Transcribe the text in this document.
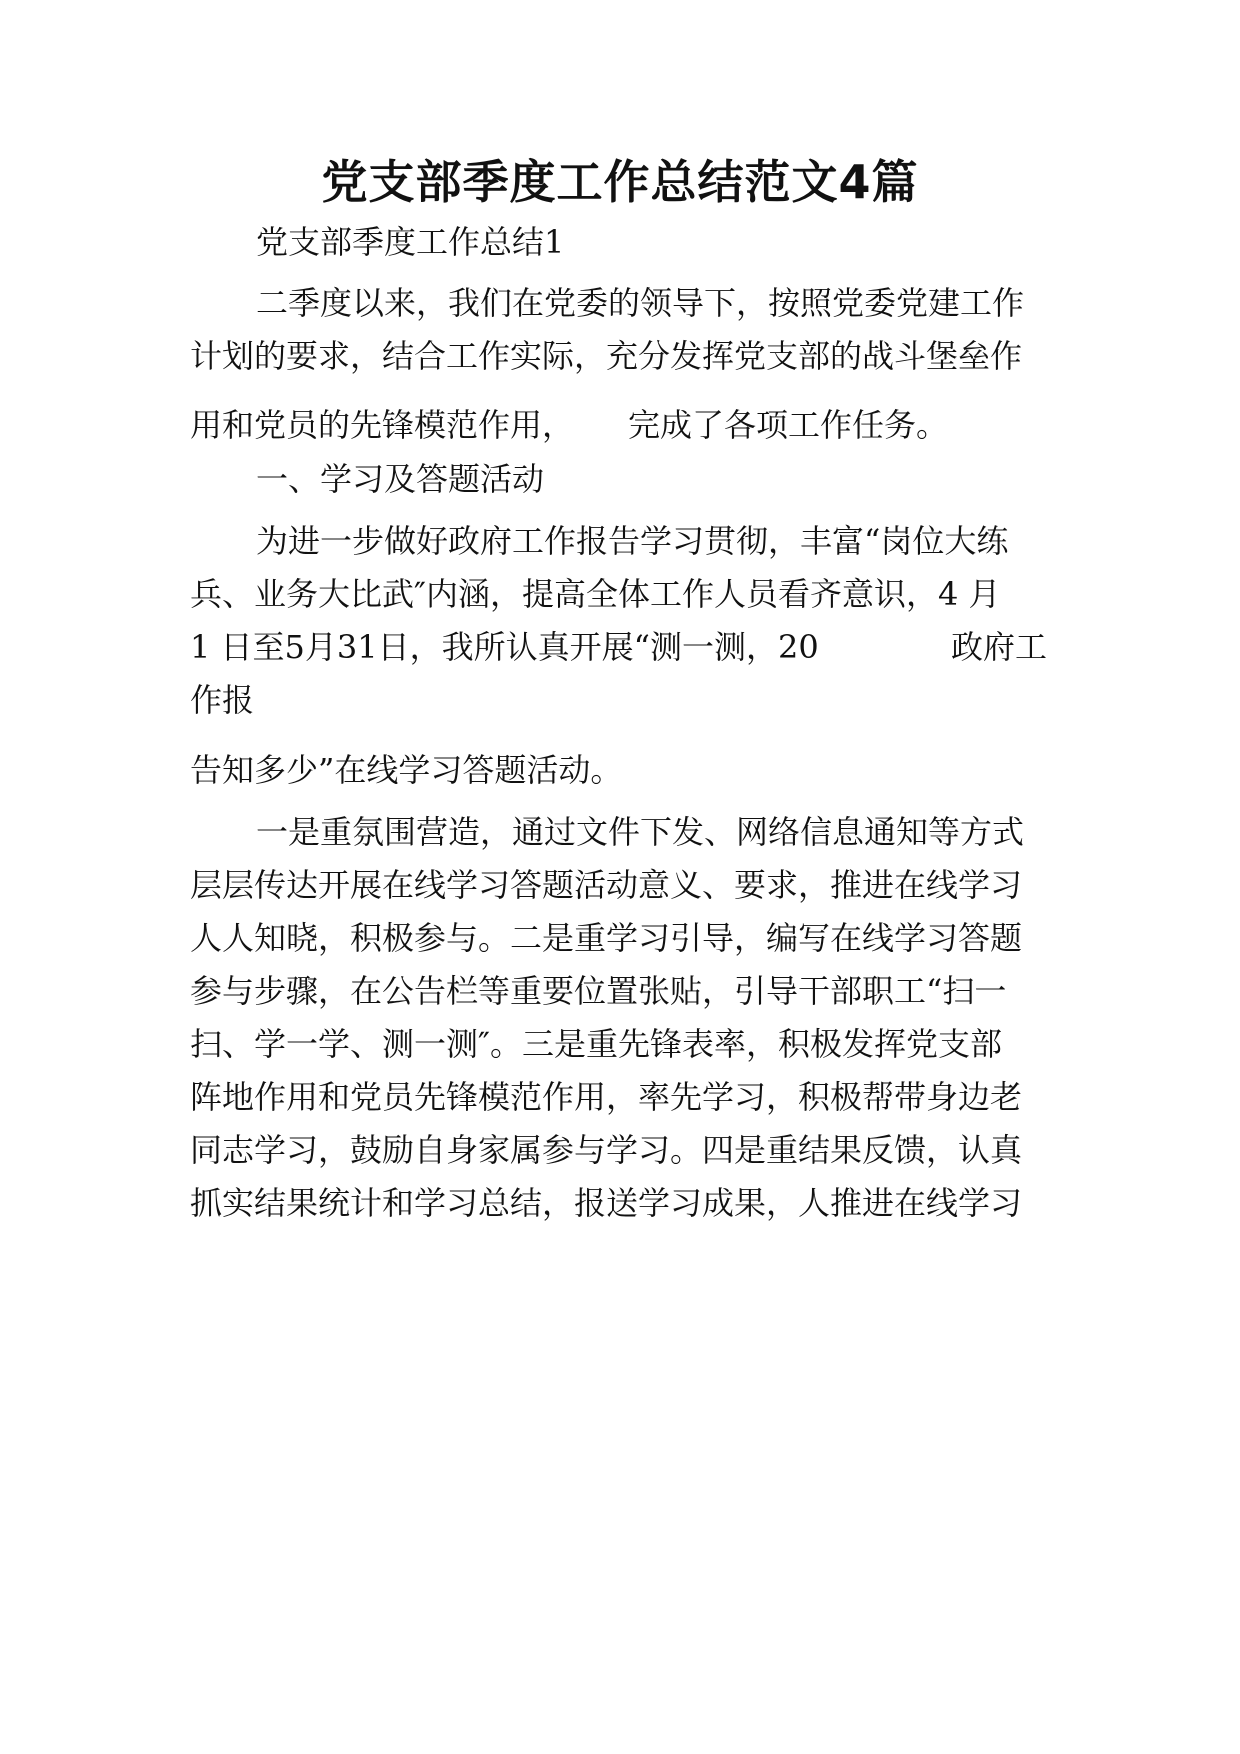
党支部季度工作总结范文4篇
党支部季度工作总结1
二季度以来，我们在党委的领导下，按照党委党建工作
计划的要求，结合工作实际，充分发挥党支部的战斗堡垒作
用和党员的先锋模范作用， 完成了各项工作任务。
一、学习及答题活动
为进一步做好政府工作报告学习贯彻，丰富“岗位大练
兵、业务大比武″内涵，提高全体工作人员看齐意识，4 月
1 日至5月31日，我所认真开展“测一测，20	政府工
作报
告知多少”在线学习答题活动。
一是重氛围营造，通过文件下发、网络信息通知等方式
层层传达开展在线学习答题活动意义、要求，推进在线学习
人人知晓，积极参与。二是重学习引导，编写在线学习答题
参与步骤，在公告栏等重要位置张贴，引导干部职工“扫一
扫、学一学、测一测″。三是重先锋表率，积极发挥党支部
阵地作用和党员先锋模范作用，率先学习，积极帮带身边老
同志学习，鼓励自身家属参与学习。四是重结果反馈，认真
抓实结果统计和学习总结，报送学习成果，人推进在线学习
